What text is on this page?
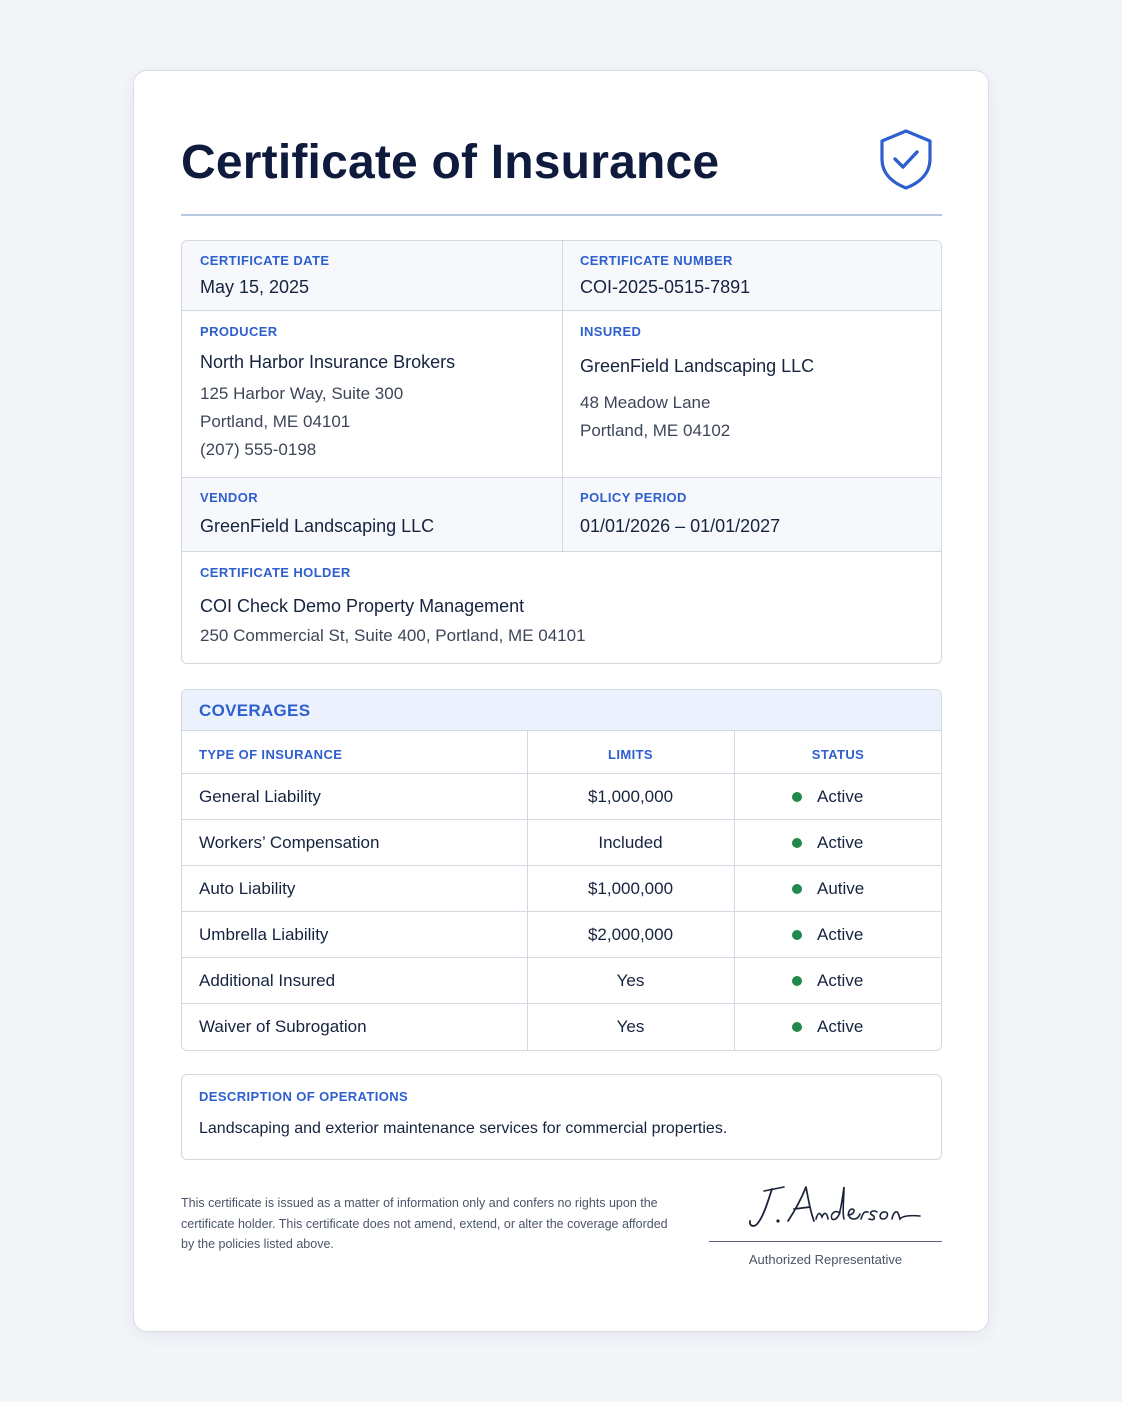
Certificate of Insurance
CERTIFICATE DATE
May 15, 2025
CERTIFICATE NUMBER
COI-2025-0515-7891
PRODUCER
North Harbor Insurance Brokers
125 Harbor Way, Suite 300
Portland, ME 04101
(207) 555-0198
INSURED
GreenField Landscaping LLC
48 Meadow Lane
Portland, ME 04102
VENDOR
GreenField Landscaping LLC
POLICY PERIOD
01/01/2026 – 01/01/2027
CERTIFICATE HOLDER
COI Check Demo Property Management
250 Commercial St, Suite 400, Portland, ME 04101
COVERAGES
TYPE OF INSURANCE	LIMITS	STATUS
General Liability	$1,000,000	Active
Workers’ Compensation	Included	Active
Auto Liability	$1,000,000	Autive
Umbrella Liability	$2,000,000	Active
Additional Insured	Yes	Active
Waiver of Subrogation	Yes	Active
DESCRIPTION OF OPERATIONS
Landscaping and exterior maintenance services for commercial properties.
This certificate is issued as a matter of information only and confers no rights upon the certificate holder. This certificate does not amend, extend, or alter the coverage afforded by the policies listed above.
Authorized Representative
